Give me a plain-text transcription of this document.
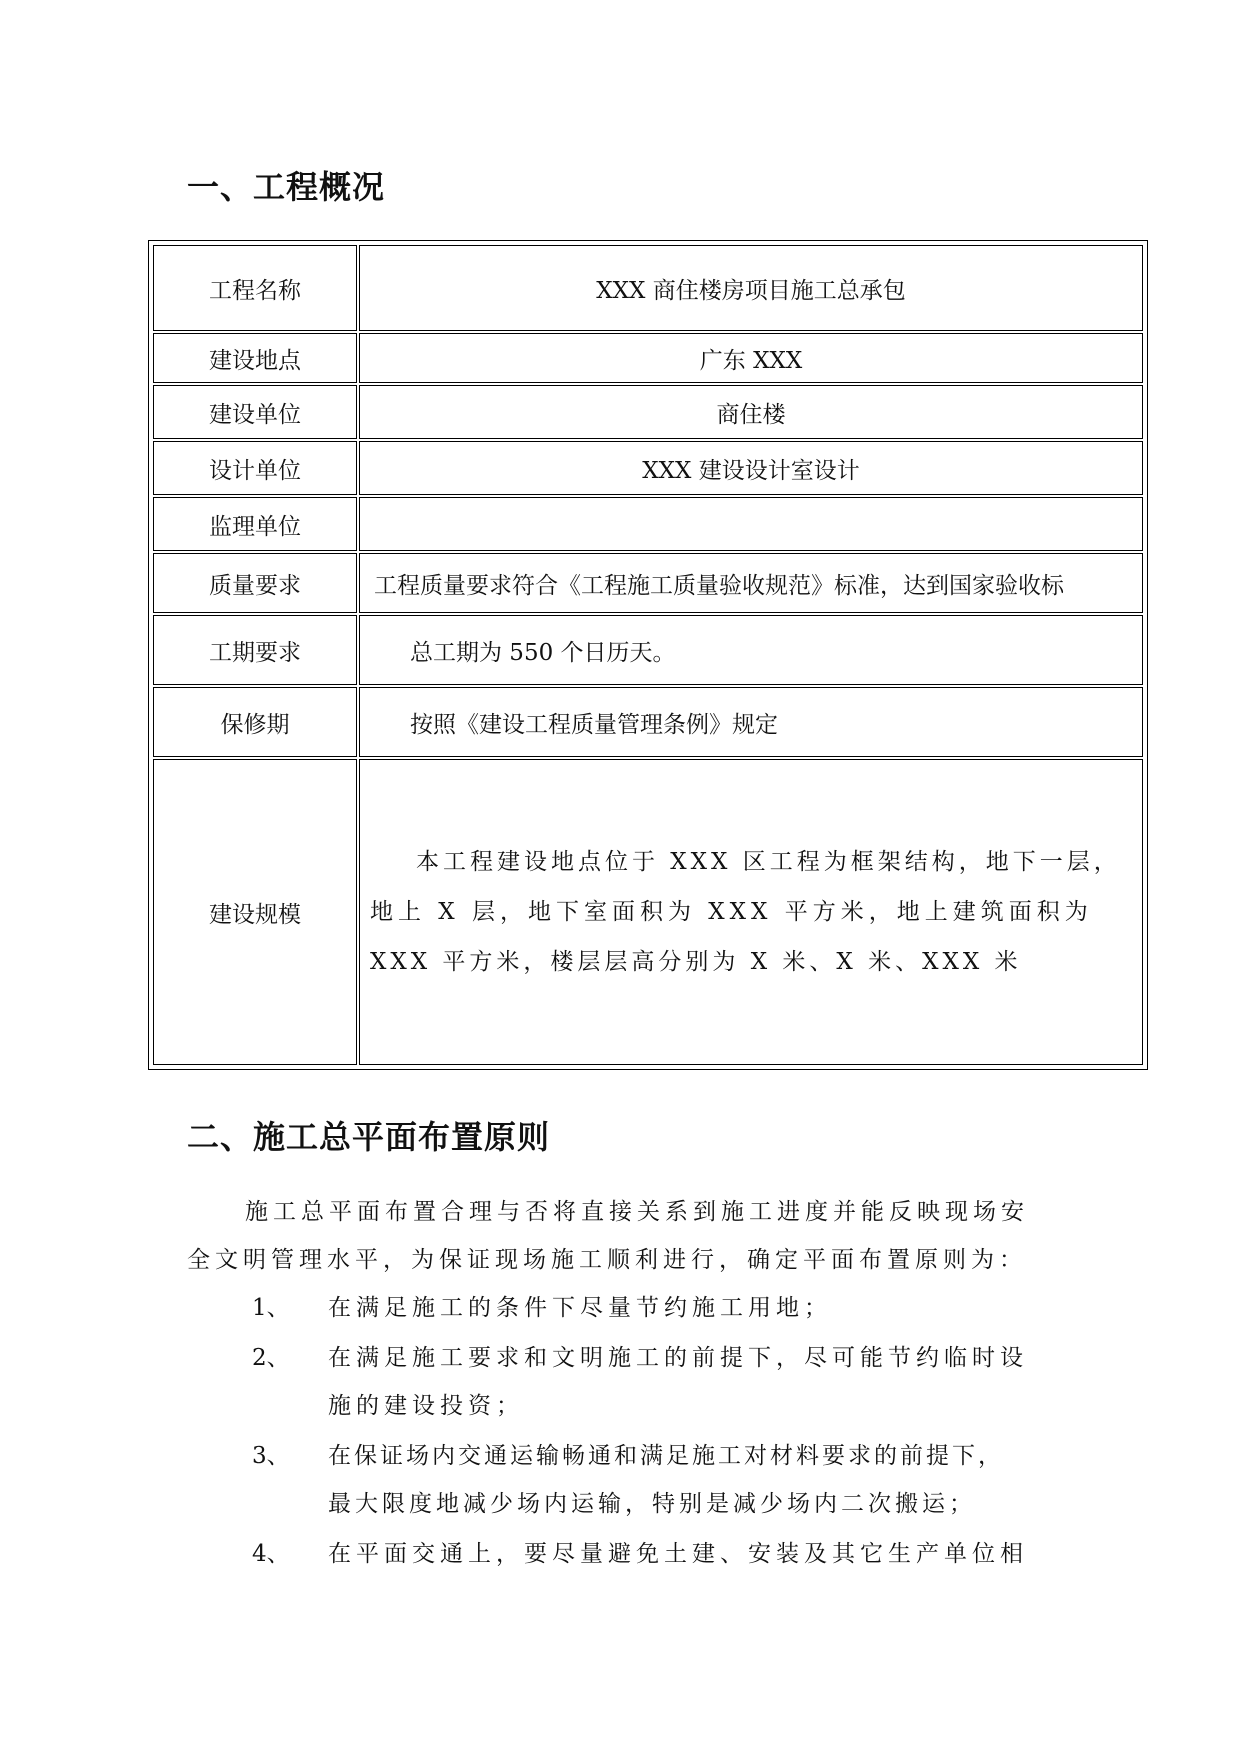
一、工程概况
工程名称	XXX 商住楼房项目施工总承包
建设地点	广东 XXX
建设单位	商住楼
设计单位	XXX 建设设计室设计
监理单位	
质量要求	工程质量要求符合《工程施工质量验收规范》标准，达到国家验收标
工期要求	总工期为 550 个日历天。
保修期	按照《建设工程质量管理条例》规定
建设规模	本工程建设地点位于 XXX 区工程为框架结构，地下一层，
地上 X 层，地下室面积为 XXX 平方米，地上建筑面积为
XXX 平方米，楼层层高分别为 X 米、X 米、XXX 米
二、施工总平面布置原则

施工总平面布置合理与否将直接关系到施工进度并能反映现场安

全文明管理水平，为保证现场施工顺利进行，确定平面布置原则为：

1、 在满足施工的条件下尽量节约施工用地；
2、 在满足施工要求和文明施工的前提下，尽可能节约临时设
施的建设投资；
3、 在保证场内交通运输畅通和满足施工对材料要求的前提下，
最大限度地减少场内运输，特别是减少场内二次搬运；
4、 在平面交通上，要尽量避免土建、安装及其它生产单位相
